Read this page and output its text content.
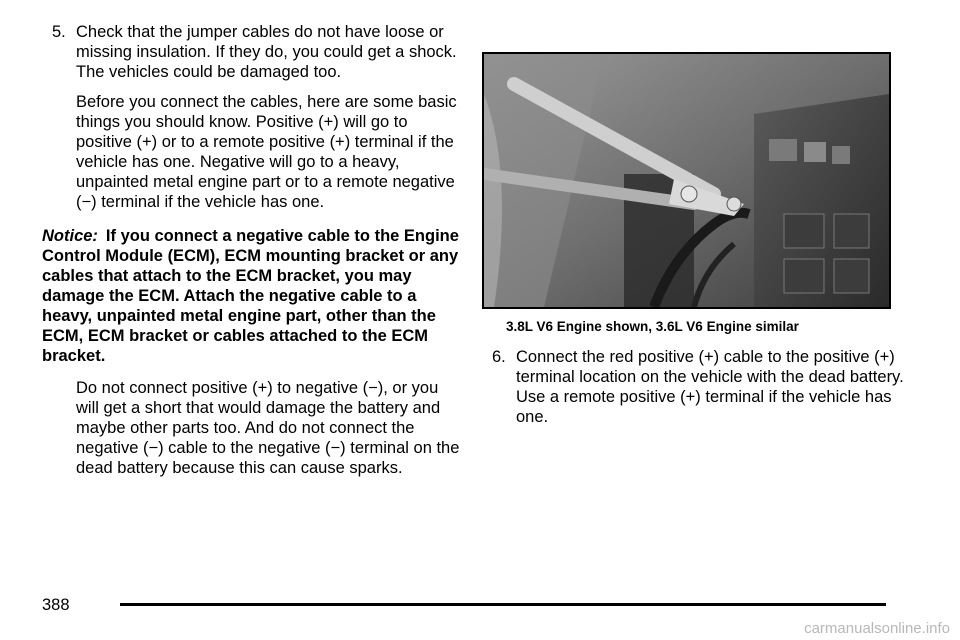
5. Check that the jumper cables do not have loose or missing insulation. If they do, you could get a shock. The vehicles could be damaged too.

Before you connect the cables, here are some basic things you should know. Positive (+) will go to positive (+) or to a remote positive (+) terminal if the vehicle has one. Negative will go to a heavy, unpainted metal engine part or to a remote negative (−) terminal if the vehicle has one.

Notice: If you connect a negative cable to the Engine Control Module (ECM), ECM mounting bracket or any cables that attach to the ECM bracket, you may damage the ECM. Attach the negative cable to a heavy, unpainted metal engine part, other than the ECM, ECM bracket or cables attached to the ECM bracket.

Do not connect positive (+) to negative (−), or you will get a short that would damage the battery and maybe other parts too. And do not connect the negative (−) cable to the negative (−) terminal on the dead battery because this can cause sparks.

3.8L V6 Engine shown, 3.6L V6 Engine similar
6. Connect the red positive (+) cable to the positive (+) terminal location on the vehicle with the dead battery. Use a remote positive (+) terminal if the vehicle has one.

388
carmanualsonline.info
